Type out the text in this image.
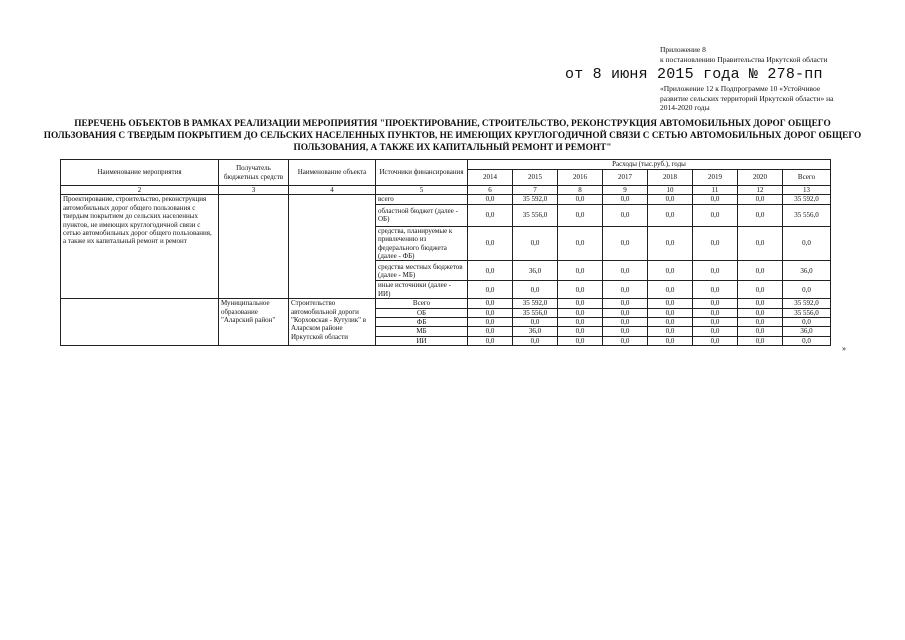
Приложение 8
к постановлению Правительства Иркутской области
от 8 июня 2015 года № 278-пп
«Приложение 12 к Подпрограмме 10 «Устойчивое развитие сельских территорий Иркутской области» на 2014-2020 годы
ПЕРЕЧЕНЬ ОБЪЕКТОВ В РАМКАХ РЕАЛИЗАЦИИ МЕРОПРИЯТИЯ "ПРОЕКТИРОВАНИЕ, СТРОИТЕЛЬСТВО, РЕКОНСТРУКЦИЯ АВТОМОБИЛЬНЫХ ДОРОГ ОБЩЕГО ПОЛЬЗОВАНИЯ С ТВЕРДЫМ ПОКРЫТИЕМ ДО СЕЛЬСКИХ НАСЕЛЕННЫХ ПУНКТОВ, НЕ ИМЕЮЩИХ КРУГЛОГОДИЧНОЙ СВЯЗИ С СЕТЬЮ АВТОМОБИЛЬНЫХ ДОРОГ ОБЩЕГО ПОЛЬЗОВАНИЯ, А ТАКЖЕ ИХ КАПИТАЛЬНЫЙ РЕМОНТ И РЕМОНТ"
Наименование мероприятия	Получатель бюджетных средств	Наименование объекта	Источники финансирования	Расходы (тыс.руб.), годы							
				2014	2015	2016	2017	2018	2019	2020	Всего
2	3	4	5	6	7	8	9	10	11	12	13
Проектирование, строительство, реконструкция автомобильных дорог общего пользования с твердым покрытием до сельских населенных пунктов, не имеющих круглогодичной связи с сетью автомобильных дорог общего пользования, а также их капитальный ремонт и ремонт			всего	0,0	35 592,0	0,0	0,0	0,0	0,0	0,0	35 592,0
			областной бюджет (далее - ОБ)	0,0	35 556,0	0,0	0,0	0,0	0,0	0,0	35 556,0
			средства, планируемые к привлечению из федерального бюджета (далее - ФБ)	0,0	0,0	0,0	0,0	0,0	0,0	0,0	0,0
			средства местных бюджетов (далее - МБ)	0,0	36,0	0,0	0,0	0,0	0,0	0,0	36,0
			иные источники (далее - ИИ)	0,0	0,0	0,0	0,0	0,0	0,0	0,0	0,0
	Муниципальное образование "Аларский район"	Строительство автомобильной дороги "Корховская - Кутулик" в Аларском районе Иркутской области	Всего	0,0	35 592,0	0,0	0,0	0,0	0,0	0,0	35 592,0
			ОБ	0,0	35 556,0	0,0	0,0	0,0	0,0	0,0	35 556,0
			ФБ	0,0	0,0	0,0	0,0	0,0	0,0	0,0	0,0
			МБ	0,0	36,0	0,0	0,0	0,0	0,0	0,0	36,0
			ИИ	0,0	0,0	0,0	0,0	0,0	0,0	0,0	0,0
»
